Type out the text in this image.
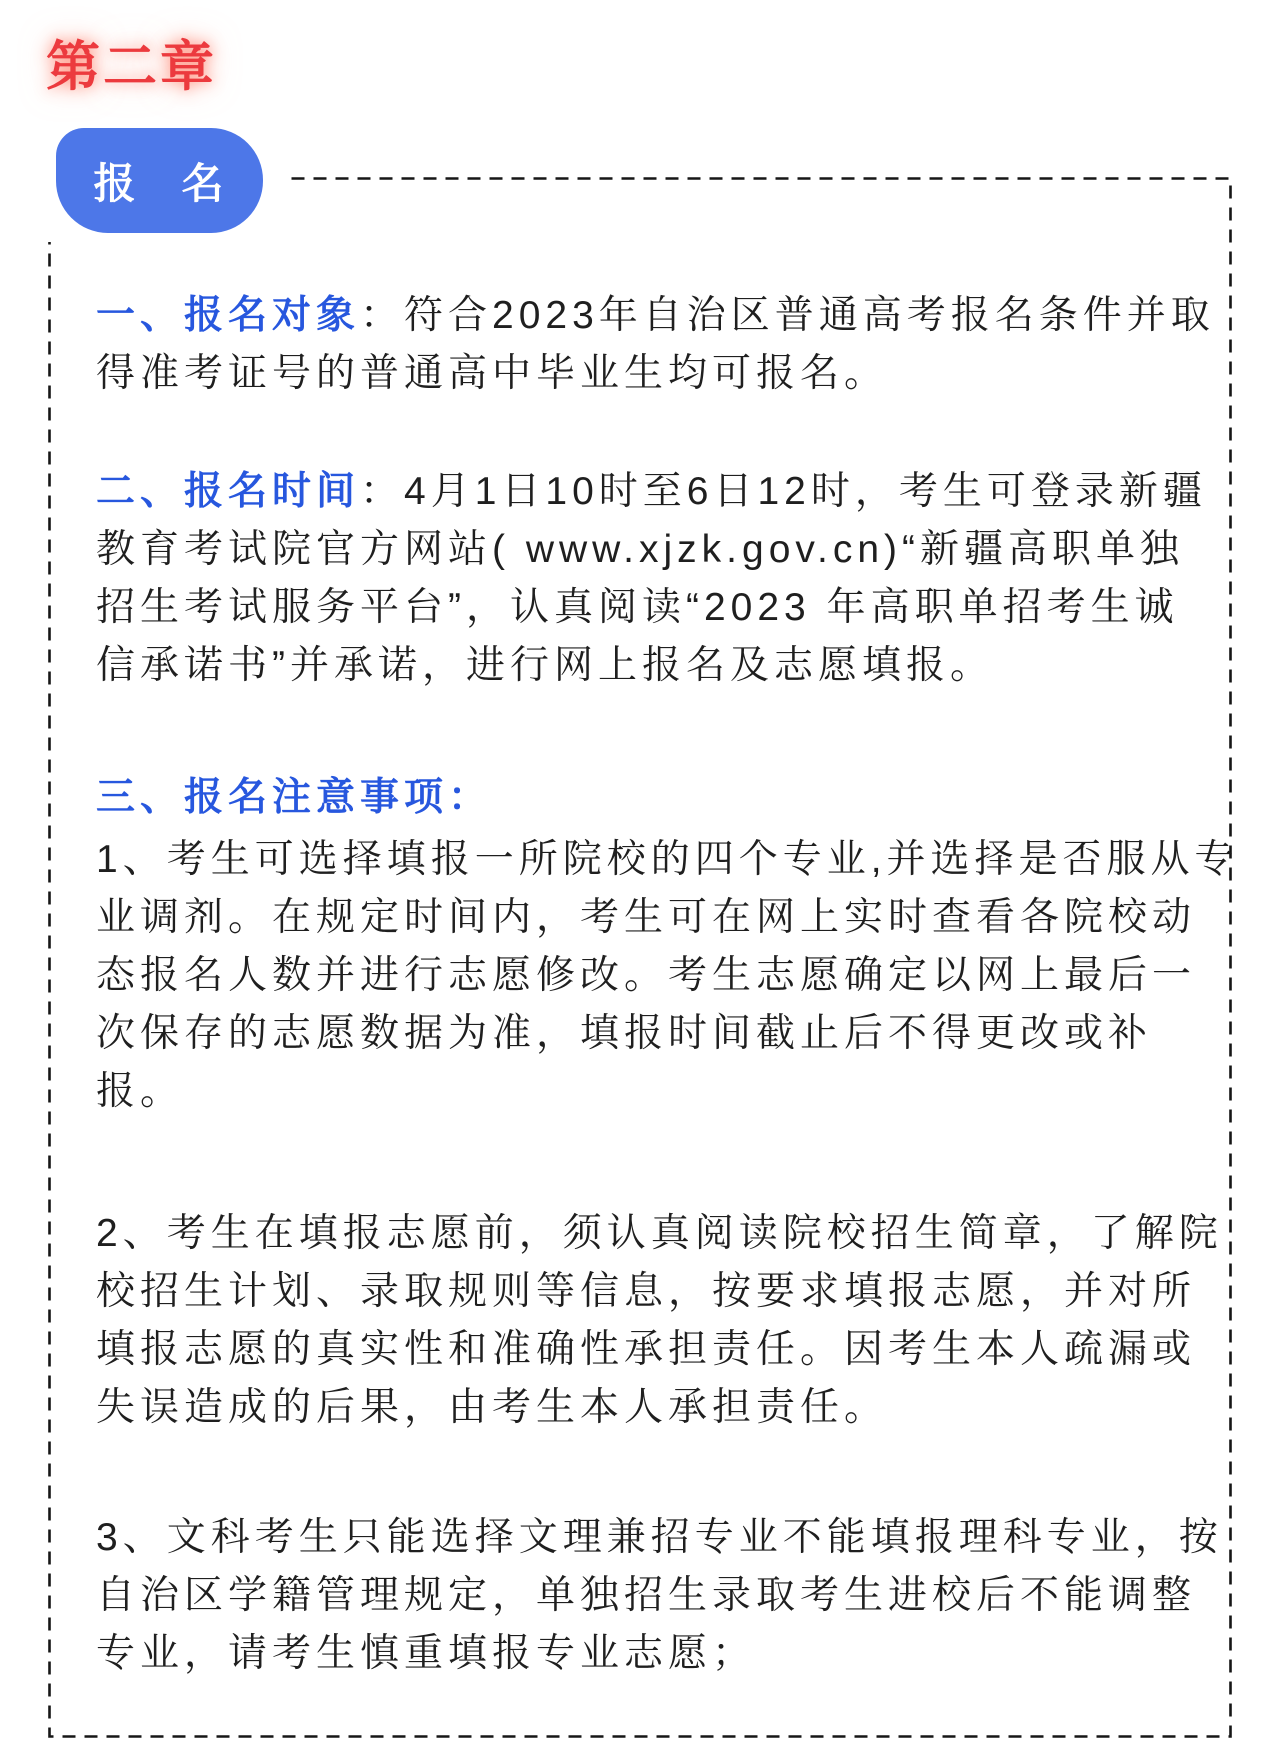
第二章
报　名

一、报名对象：符合2023年自治区普通高考报名条件并取
得准考证号的普通高中毕业生均可报名。

二、报名时间：4月1日10时至6日12时，考生可登录新疆
教育考试院官方网站( www.xjzk.gov.cn)“新疆高职单独
招生考试服务平台”，认真阅读“2023 年高职单招考生诚
信承诺书”并承诺，进行网上报名及志愿填报。

三、报名注意事项：

1、考生可选择填报一所院校的四个专业,并选择是否服从专
业调剂。在规定时间内，考生可在网上实时查看各院校动
态报名人数并进行志愿修改。考生志愿确定以网上最后一
次保存的志愿数据为准，填报时间截止后不得更改或补
报。

2、考生在填报志愿前，须认真阅读院校招生简章，了解院
校招生计划、录取规则等信息，按要求填报志愿，并对所
填报志愿的真实性和准确性承担责任。因考生本人疏漏或
失误造成的后果，由考生本人承担责任。

3、文科考生只能选择文理兼招专业不能填报理科专业，按
自治区学籍管理规定，单独招生录取考生进校后不能调整
专业，请考生慎重填报专业志愿；
